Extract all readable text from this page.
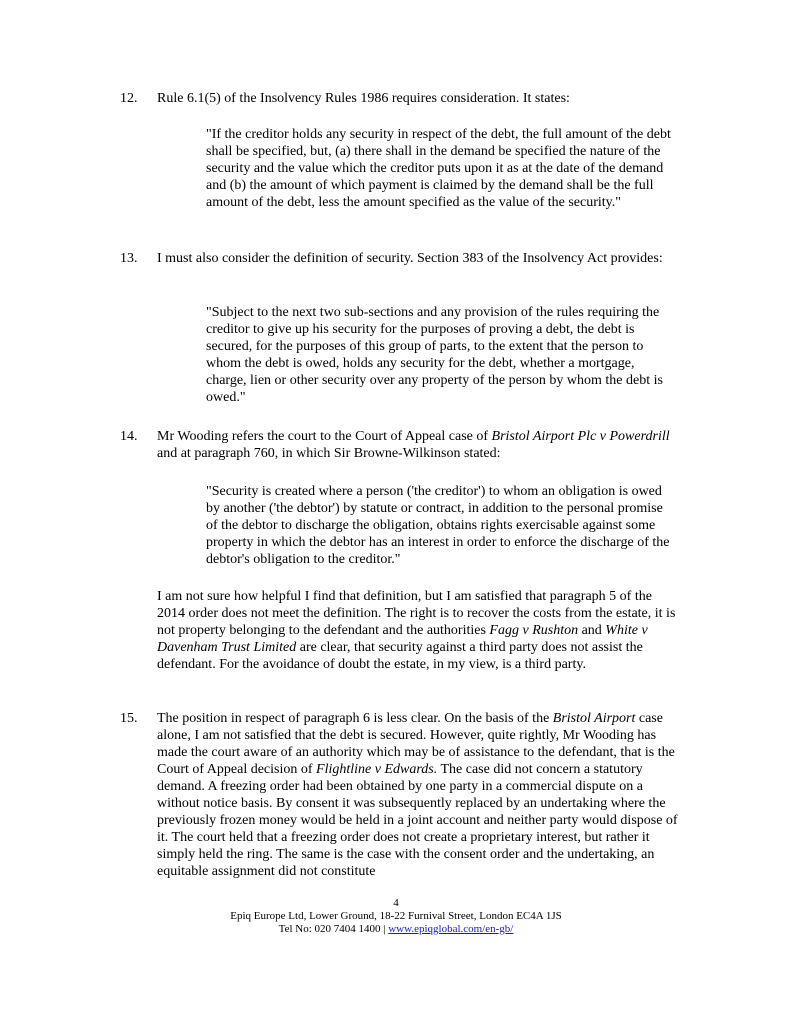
12. Rule 6.1(5) of the Insolvency Rules 1986 requires consideration. It states:
"If the creditor holds any security in respect of the debt, the full amount of the debt shall be specified, but, (a) there shall in the demand be specified the nature of the security and the value which the creditor puts upon it as at the date of the demand and (b) the amount of which payment is claimed by the demand shall be the full amount of the debt, less the amount specified as the value of the security."
13. I must also consider the definition of security. Section 383 of the Insolvency Act provides:
"Subject to the next two sub-sections and any provision of the rules requiring the creditor to give up his security for the purposes of proving a debt, the debt is secured, for the purposes of this group of parts, to the extent that the person to whom the debt is owed, holds any security for the debt, whether a mortgage, charge, lien or other security over any property of the person by whom the debt is owed."
14. Mr Wooding refers the court to the Court of Appeal case of Bristol Airport Plc v Powerdrill and at paragraph 760, in which Sir Browne-Wilkinson stated:
"Security is created where a person ('the creditor') to whom an obligation is owed by another ('the debtor') by statute or contract, in addition to the personal promise of the debtor to discharge the obligation, obtains rights exercisable against some property in which the debtor has an interest in order to enforce the discharge of the debtor's obligation to the creditor."
I am not sure how helpful I find that definition, but I am satisfied that paragraph 5 of the 2014 order does not meet the definition. The right is to recover the costs from the estate, it is not property belonging to the defendant and the authorities Fagg v Rushton and White v Davenham Trust Limited are clear, that security against a third party does not assist the defendant. For the avoidance of doubt the estate, in my view, is a third party.
15. The position in respect of paragraph 6 is less clear. On the basis of the Bristol Airport case alone, I am not satisfied that the debt is secured. However, quite rightly, Mr Wooding has made the court aware of an authority which may be of assistance to the defendant, that is the Court of Appeal decision of Flightline v Edwards. The case did not concern a statutory demand. A freezing order had been obtained by one party in a commercial dispute on a without notice basis. By consent it was subsequently replaced by an undertaking where the previously frozen money would be held in a joint account and neither party would dispose of it. The court held that a freezing order does not create a proprietary interest, but rather it simply held the ring. The same is the case with the consent order and the undertaking, an equitable assignment did not constitute
4
Epiq Europe Ltd, Lower Ground, 18-22 Furnival Street, London EC4A 1JS
Tel No: 020 7404 1400 | www.epiqglobal.com/en-gb/
